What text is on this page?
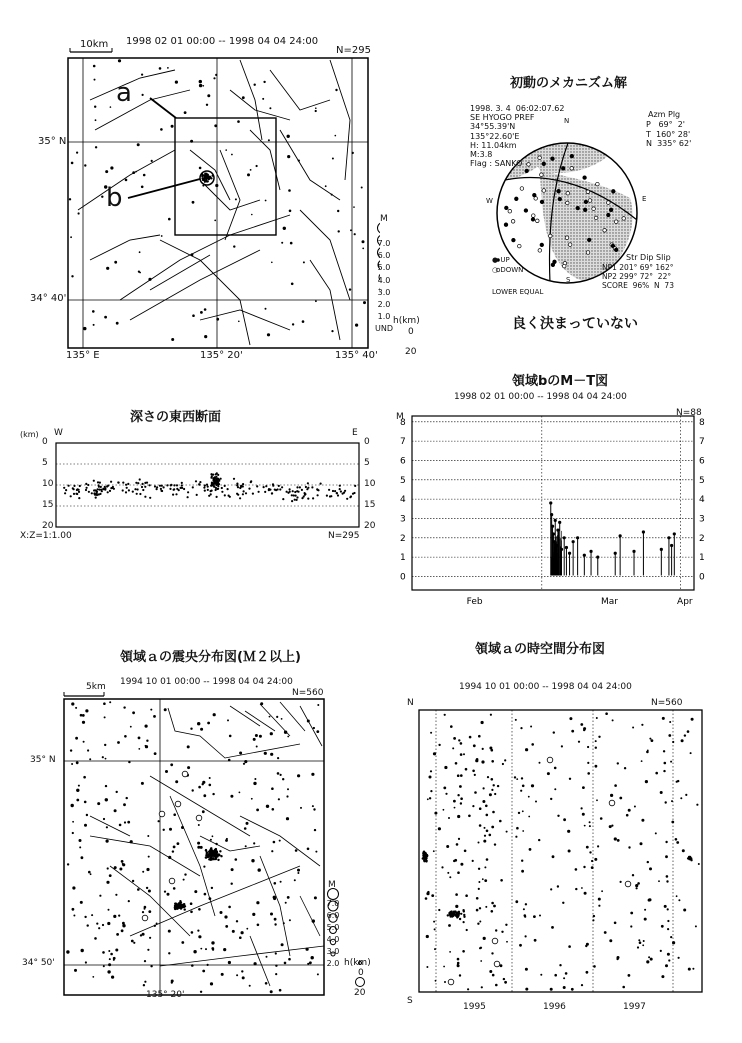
10km 1998 02 01 00:00 -- 1998 04 04 24:00
N=295
35° N
34° 40'
135° E	135° 20'	135° 40'
a
b
M
7.0
6.0
5.0
4.0
3.0
2.0
1.0
UND
h(km)
0
20
初動のメカニズム解
1998. 3. 4  06:02:07.62
SE HYOGO PREF
34°55.39'N
135°22.60'E
H: 11.04km
M:3.8
Flag : SANKO
Azm Plg
P   69°  2'
T  160° 28'
N  335° 62'
N
E
W
S
● UP
○ DOWN
LOWER EQUAL
Str Dip Slip
NP1 201° 69° 162°
NP2 299° 72°  22°
SCORE  96%  N  73
良く決まっていない
深さの東西断面
(km) W	E
0	0
5	5
10	10
15	15
20	20
X:Z=1:1.00	N=295
領域bのM－T図
1998 02 01 00:00 -- 1998 04 04 24:00
N=88
M
0	0
1	1
2	2
3	3
4	4
5	5
6	6
7	7
8	8
Feb	Mar	Apr
領域ａの震央分布図(Ｍ２以上)
5km 1994 10 01 00:00 -- 1998 04 04 24:00
N=560
35° N
34° 50'
135° 20'
M
7.0
6.0
5.0
4.0
3.0
2.0 h(km)
0
20
領域ａの時空間分布図
1994 10 01 00:00 -- 1998 04 04 24:00
N=560
N
S
1995	1996	1997
